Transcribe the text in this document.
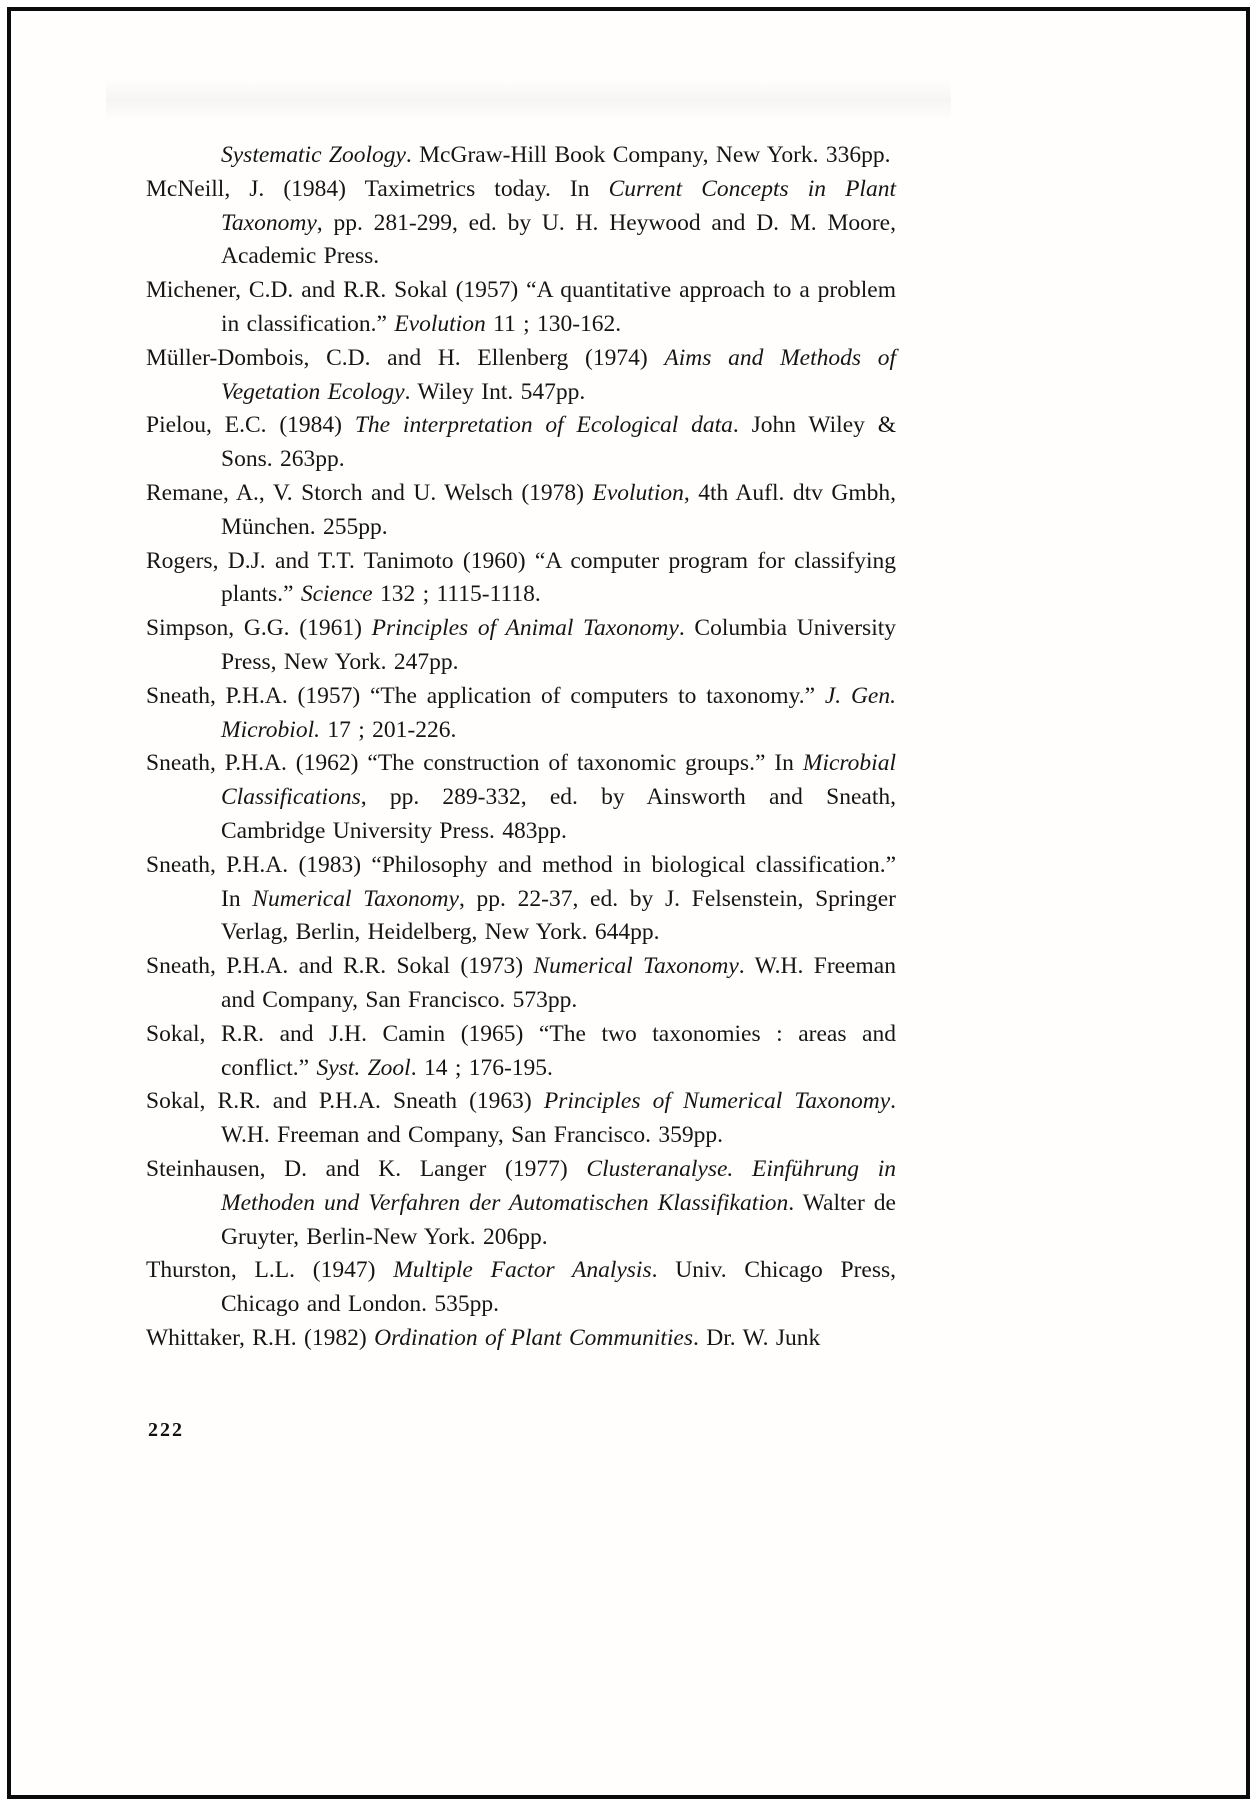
Systematic Zoology. McGraw-Hill Book Company, New York. 336pp.

McNeill, J. (1984) Taximetrics today. In Current Concepts in Plant Taxonomy, pp. 281-299, ed. by U. H. Heywood and D. M. Moore, Academic Press.

Michener, C.D. and R.R. Sokal (1957) “A quantitative approach to a problem in classification.” Evolution 11 ; 130-162.

Müller-Dombois, C.D. and H. Ellenberg (1974) Aims and Methods of Vegetation Ecology. Wiley Int. 547pp.

Pielou, E.C. (1984) The interpretation of Ecological data. John Wiley & Sons. 263pp.

Remane, A., V. Storch and U. Welsch (1978) Evolution, 4th Aufl. dtv Gmbh, München. 255pp.

Rogers, D.J. and T.T. Tanimoto (1960) “A computer program for classifying plants.” Science 132 ; 1115-1118.

Simpson, G.G. (1961) Principles of Animal Taxonomy. Columbia University Press, New York. 247pp.

Sneath, P.H.A. (1957) “The application of computers to taxonomy.” J. Gen. Microbiol. 17 ; 201-226.

Sneath, P.H.A. (1962) “The construction of taxonomic groups.” In Microbial Classifications, pp. 289-332, ed. by Ainsworth and Sneath, Cambridge University Press. 483pp.

Sneath, P.H.A. (1983) “Philosophy and method in biological classification.” In Numerical Taxonomy, pp. 22-37, ed. by J. Felsenstein, Springer Verlag, Berlin, Heidelberg, New York. 644pp.

Sneath, P.H.A. and R.R. Sokal (1973) Numerical Taxonomy. W.H. Freeman and Company, San Francisco. 573pp.

Sokal, R.R. and J.H. Camin (1965) “The two taxonomies : areas and conflict.” Syst. Zool. 14 ; 176-195.

Sokal, R.R. and P.H.A. Sneath (1963) Principles of Numerical Taxonomy. W.H. Freeman and Company, San Francisco. 359pp.

Steinhausen, D. and K. Langer (1977) Clusteranalyse. Einführung in Methoden und Verfahren der Automatischen Klassifikation. Walter de Gruyter, Berlin-New York. 206pp.

Thurston, L.L. (1947) Multiple Factor Analysis. Univ. Chicago Press, Chicago and London. 535pp.

Whittaker, R.H. (1982) Ordination of Plant Communities. Dr. W. Junk

222
